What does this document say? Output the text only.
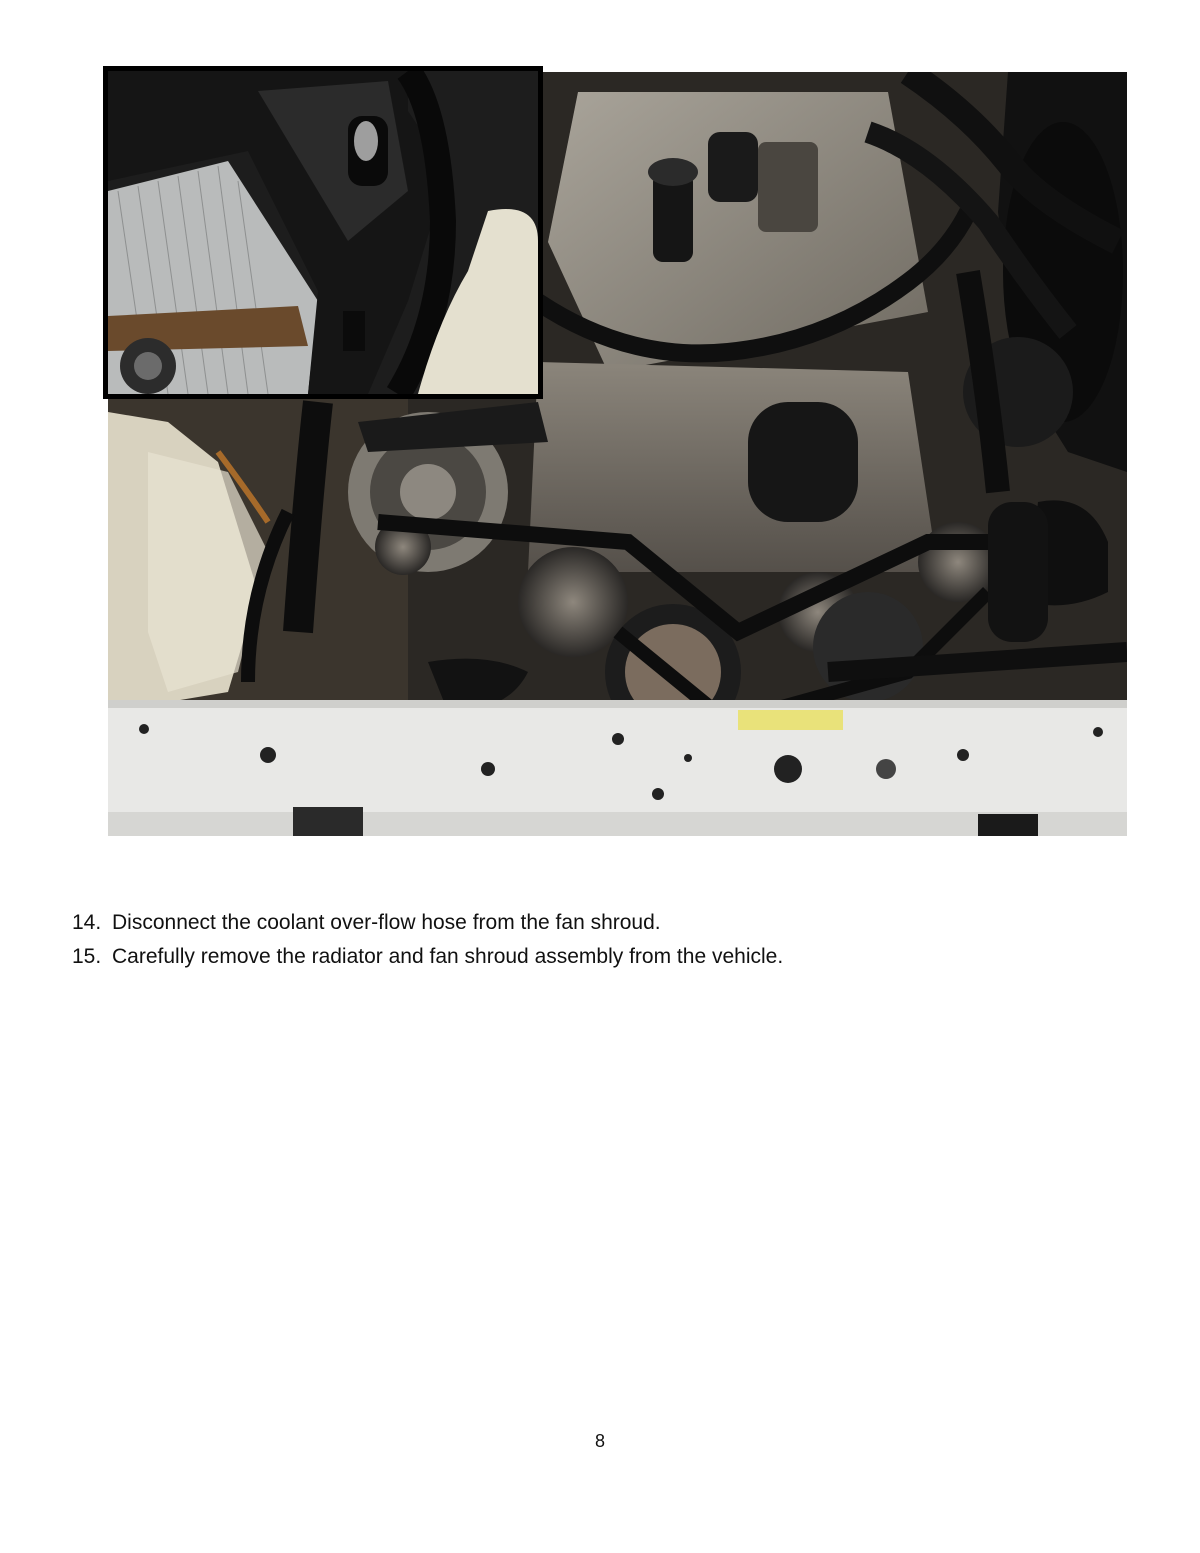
14. Disconnect the coolant over-flow hose from the fan shroud.
15. Carefully remove the radiator and fan shroud assembly from the vehicle.
8
